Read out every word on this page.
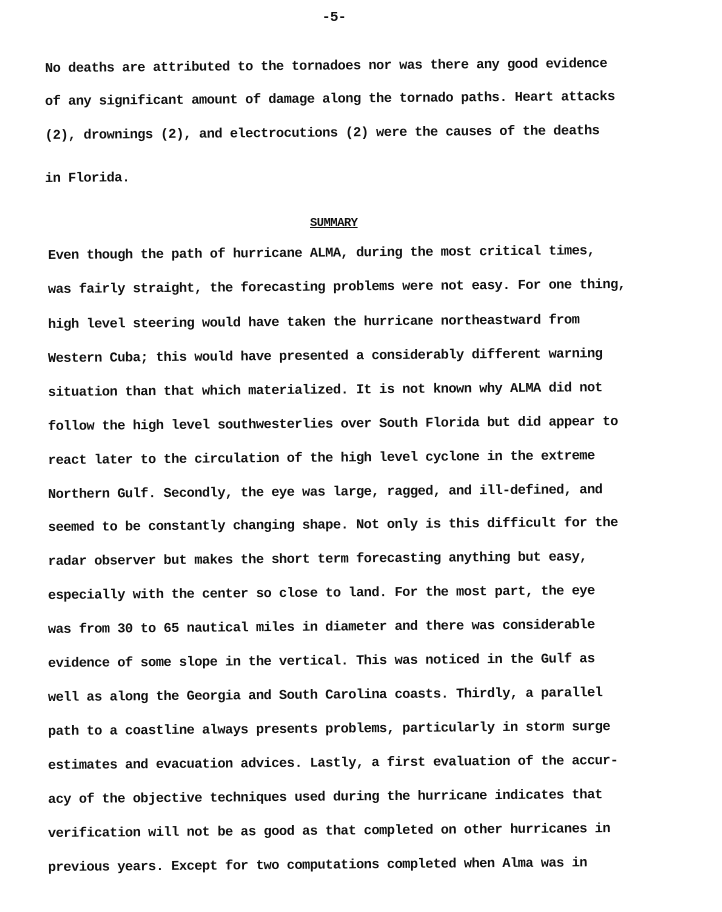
-5-
No deaths are attributed to the tornadoes nor was there any good evidence
of any significant amount of damage along the tornado paths. Heart attacks
(2), drownings (2), and electrocutions (2) were the causes of the deaths
in Florida.
SUMMARY
Even though the path of hurricane ALMA, during the most critical times,
was fairly straight, the forecasting problems were not easy. For one thing,
high level steering would have taken the hurricane northeastward from
Western Cuba; this would have presented a considerably different warning
situation than that which materialized. It is not known why ALMA did not
follow the high level southwesterlies over South Florida but did appear to
react later to the circulation of the high level cyclone in the extreme
Northern Gulf. Secondly, the eye was large, ragged, and ill-defined, and
seemed to be constantly changing shape. Not only is this difficult for the
radar observer but makes the short term forecasting anything but easy,
especially with the center so close to land. For the most part, the eye
was from 30 to 65 nautical miles in diameter and there was considerable
evidence of some slope in the vertical. This was noticed in the Gulf as
well as along the Georgia and South Carolina coasts. Thirdly, a parallel
path to a coastline always presents problems, particularly in storm surge
estimates and evacuation advices. Lastly, a first evaluation of the accur-
acy of the objective techniques used during the hurricane indicates that
verification will not be as good as that completed on other hurricanes in
previous years. Except for two computations completed when Alma was in
